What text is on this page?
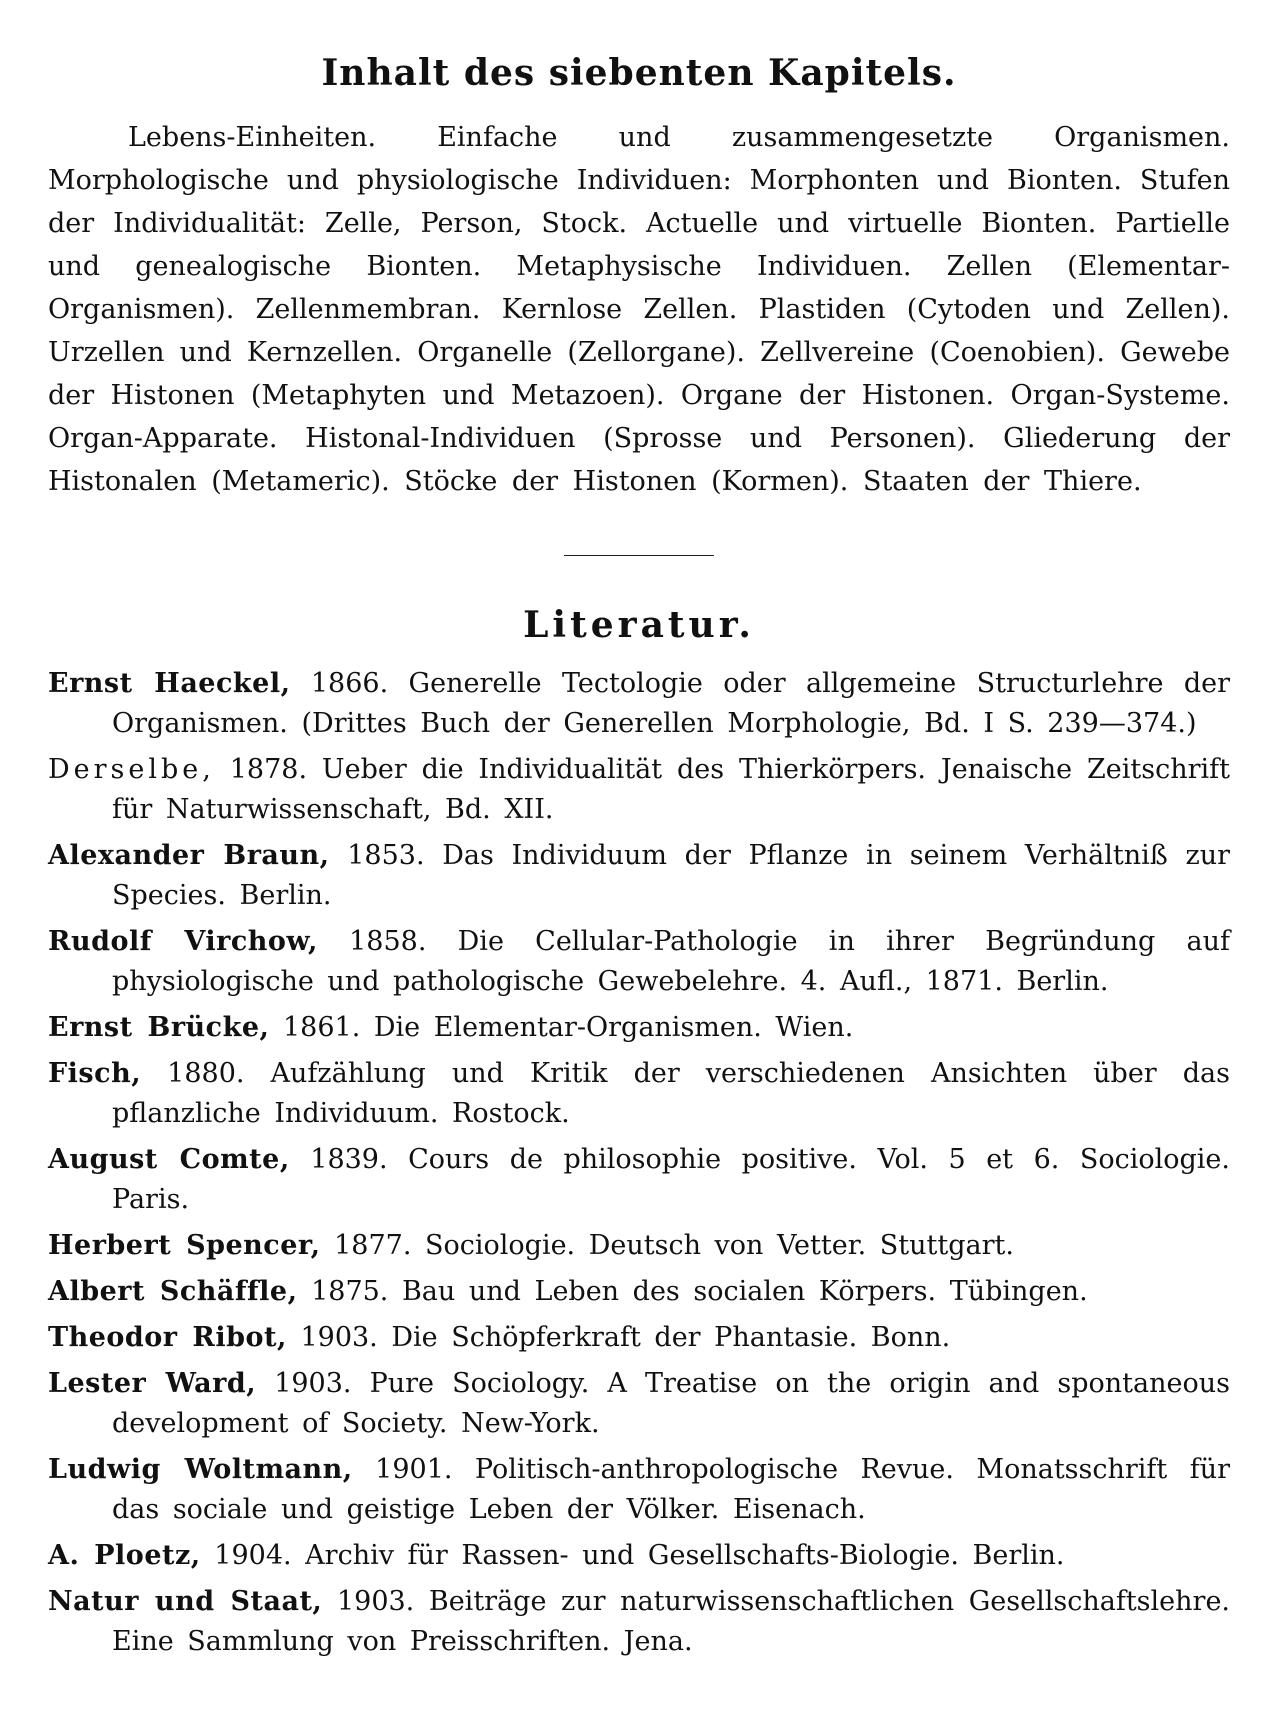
Inhalt des siebenten Kapitels.

Lebens-Einheiten. Einfache und zusammengesetzte Organismen. Morphologische und physiologische Individuen: Morphonten und Bionten. Stufen der Individualität: Zelle, Person, Stock. Actuelle und virtuelle Bionten. Partielle und genealogische Bionten. Metaphysische Individuen. Zellen (Elementar-Organismen). Zellenmembran. Kernlose Zellen. Plastiden (Cytoden und Zellen). Urzellen und Kernzellen. Organelle (Zellorgane). Zellvereine (Coenobien). Gewebe der Histonen (Metaphyten und Metazoen). Organe der Histonen. Organ-Systeme. Organ-Apparate. Histonal-Individuen (Sprosse und Personen). Gliederung der Histonalen (Metameric). Stöcke der Histonen (Kormen). Staaten der Thiere.

Literatur.
Ernst Haeckel, 1866. Generelle Tectologie oder allgemeine Structurlehre der Organismen. (Drittes Buch der Generellen Morphologie, Bd. I S. 239—374.)
Derselbe, 1878. Ueber die Individualität des Thierkörpers. Jenaische Zeitschrift für Naturwissenschaft, Bd. XII.
Alexander Braun, 1853. Das Individuum der Pflanze in seinem Verhältniß zur Species. Berlin.
Rudolf Virchow, 1858. Die Cellular-Pathologie in ihrer Begründung auf physiologische und pathologische Gewebelehre. 4. Aufl., 1871. Berlin.
Ernst Brücke, 1861. Die Elementar-Organismen. Wien.
Fisch, 1880. Aufzählung und Kritik der verschiedenen Ansichten über das pflanzliche Individuum. Rostock.
August Comte, 1839. Cours de philosophie positive. Vol. 5 et 6. Sociologie. Paris.
Herbert Spencer, 1877. Sociologie. Deutsch von Vetter. Stuttgart.
Albert Schäffle, 1875. Bau und Leben des socialen Körpers. Tübingen.
Theodor Ribot, 1903. Die Schöpferkraft der Phantasie. Bonn.
Lester Ward, 1903. Pure Sociology. A Treatise on the origin and spontaneous development of Society. New-York.
Ludwig Woltmann, 1901. Politisch-anthropologische Revue. Monatsschrift für das sociale und geistige Leben der Völker. Eisenach.
A. Ploetz, 1904. Archiv für Rassen- und Gesellschafts-Biologie. Berlin.
Natur und Staat, 1903. Beiträge zur naturwissenschaftlichen Gesellschaftslehre. Eine Sammlung von Preisschriften. Jena.
